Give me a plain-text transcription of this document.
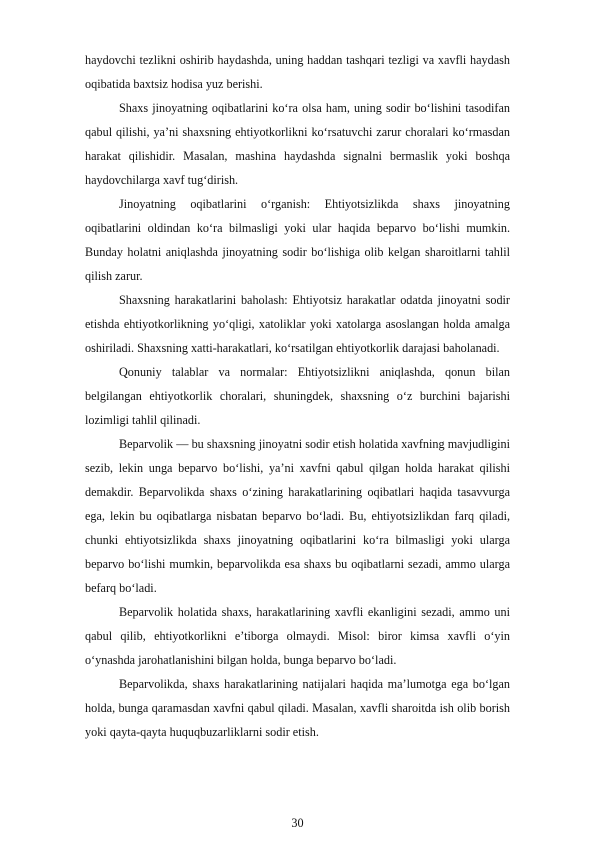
haydovchi tezlikni oshirib haydashda, uning haddan tashqari tezligi va xavfli haydash oqibatida baxtsiz hodisa yuz berishi.

Shaxs jinoyatning oqibatlarini ko‘ra olsa ham, uning sodir bo‘lishini tasodifan qabul qilishi, ya’ni shaxsning ehtiyotkorlikni ko‘rsatuvchi zarur choralari ko‘rmasdan harakat qilishidir. Masalan, mashina haydashda signalni bermaslik yoki boshqa haydovchilarga xavf tug‘dirish.

Jinoyatning oqibatlarini o‘rganish: Ehtiyotsizlikda shaxs jinoyatning oqibatlarini oldindan ko‘ra bilmasligi yoki ular haqida beparvo bo‘lishi mumkin. Bunday holatni aniqlashda jinoyatning sodir bo‘lishiga olib kelgan sharoitlarni tahlil qilish zarur.

Shaxsning harakatlarini baholash: Ehtiyotsiz harakatlar odatda jinoyatni sodir etishda ehtiyotkorlikning yo‘qligi, xatoliklar yoki xatolarga asoslangan holda amalga oshiriladi. Shaxsning xatti-harakatlari, ko‘rsatilgan ehtiyotkorlik darajasi baholanadi.

Qonuniy talablar va normalar: Ehtiyotsizlikni aniqlashda, qonun bilan belgilangan ehtiyotkorlik choralari, shuningdek, shaxsning o‘z burchini bajarishi lozimligi tahlil qilinadi.

Beparvolik — bu shaxsning jinoyatni sodir etish holatida xavfning mavjudligini sezib, lekin unga beparvo bo‘lishi, ya’ni xavfni qabul qilgan holda harakat qilishi demakdir. Beparvolikda shaxs o‘zining harakatlarining oqibatlari haqida tasavvurga ega, lekin bu oqibatlarga nisbatan beparvo bo‘ladi. Bu, ehtiyotsizlikdan farq qiladi, chunki ehtiyotsizlikda shaxs jinoyatning oqibatlarini ko‘ra bilmasligi yoki ularga beparvo bo‘lishi mumkin, beparvolikda esa shaxs bu oqibatlarni sezadi, ammo ularga befarq bo‘ladi.

Beparvolik holatida shaxs, harakatlarining xavfli ekanligini sezadi, ammo uni qabul qilib, ehtiyotkorlikni e’tiborga olmaydi. Misol: biror kimsa xavfli o‘yin o‘ynashda jarohatlanishini bilgan holda, bunga beparvo bo‘ladi.

Beparvolikda, shaxs harakatlarining natijalari haqida ma’lumotga ega bo‘lgan holda, bunga qaramasdan xavfni qabul qiladi. Masalan, xavfli sharoitda ish olib borish yoki qayta-qayta huquqbuzarliklarni sodir etish.

30
